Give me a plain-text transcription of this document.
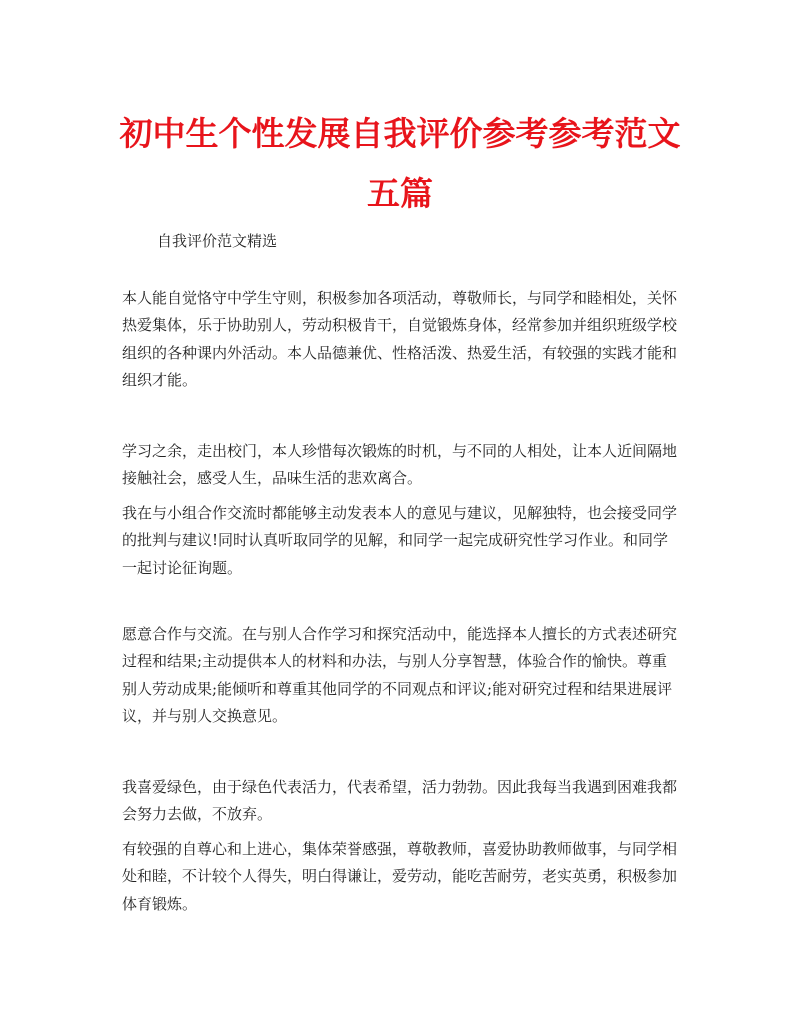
初中生个性发展自我评价参考参考范文五篇

自我评价范文精选

本人能自觉恪守中学生守则，积极参加各项活动，尊敬师长，与同学和睦相处，关怀热爱集体，乐于协助别人，劳动积极肯干，自觉锻炼身体，经常参加并组织班级学校组织的各种课内外活动。本人品德兼优、性格活泼、热爱生活，有较强的实践才能和组织才能。

学习之余，走出校门，本人珍惜每次锻炼的时机，与不同的人相处，让本人近间隔地接触社会，感受人生，品味生活的悲欢离合。

我在与小组合作交流时都能够主动发表本人的意见与建议，见解独特，也会接受同学的批判与建议!同时认真听取同学的见解，和同学一起完成研究性学习作业。和同学一起讨论征询题。

愿意合作与交流。在与别人合作学习和探究活动中，能选择本人擅长的方式表述研究过程和结果;主动提供本人的材料和办法，与别人分享智慧，体验合作的愉快。尊重别人劳动成果;能倾听和尊重其他同学的不同观点和评议;能对研究过程和结果进展评议，并与别人交换意见。

我喜爱绿色，由于绿色代表活力，代表希望，活力勃勃。因此我每当我遇到困难我都会努力去做，不放弃。

有较强的自尊心和上进心，集体荣誉感强，尊敬教师，喜爱协助教师做事，与同学相处和睦，不计较个人得失，明白得谦让，爱劳动，能吃苦耐劳，老实英勇，积极参加体育锻炼。
